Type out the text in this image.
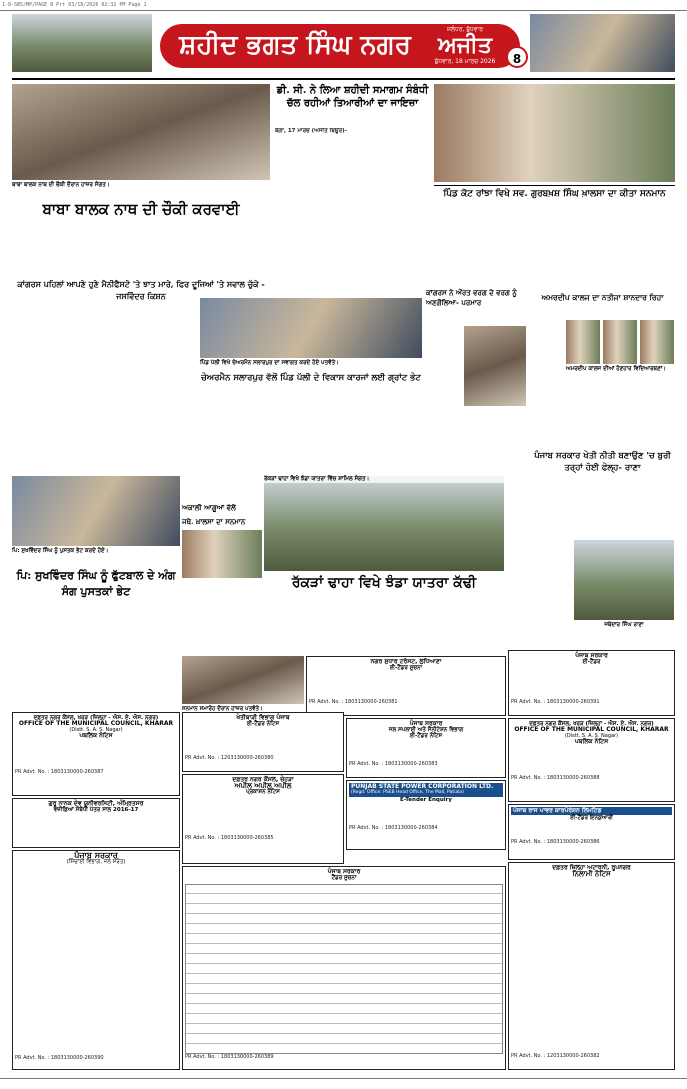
1-8-SBS/MP/PAGE 8 Prt 03/18/2026 02:32 PM Page 1
ਸ਼ਹੀਦ ਭਗਤ ਸਿੰਘ ਨਗਰ
ਜਲੰਧਰ, ਬੁੱਧਵਾਰ
ਅਜੀਤ
ਬੁੱਧਵਾਰ, 18 ਮਾਰਚ 2026	8
ਬਾਬਾ ਬਾਲਕ ਨਾਥ ਦੀ ਚੌਕੀ ਦੌਰਾਨ ਹਾਜ਼ਰ ਸੰਗਤ।
ਡੀ. ਸੀ. ਨੇ ਲਿਆ ਸ਼ਹੀਦੀ ਸਮਾਗਮ ਸੰਬੰਧੀ ਚੱਲ ਰਹੀਆਂ ਤਿਆਰੀਆਂ ਦਾ ਜਾਇਜ਼ਾ
ਬੰਗਾ, 17 ਮਾਰਚ (ਅਜੀਤ ਬਿਊਰੋ)-
ਬਾਬਾ ਬਾਲਕ ਨਾਥ ਦੀ ਚੌਕੀ ਕਰਵਾਈ
ਪਿੰਡ ਕੋਟ ਰਾਂਝਾ ਵਿਖੇ ਸਵ. ਗੁਰਬਖ਼ਸ਼ ਸਿੰਘ ਖ਼ਾਲਸਾ ਦਾ ਕੀਤਾ ਸਨਮਾਨ
ਕਾਂਗਰਸ ਪਹਿਲਾਂ ਆਪਣੇ ਹੁਣੇ ਮੈਨੀਫੈਸਟੋ 'ਤੇ ਝਾਤ ਮਾਰੇ, ਫਿਰ ਦੂਜਿਆਂ 'ਤੇ ਸਵਾਲ ਚੁੱਕੇ - ਜਸਵਿੰਦਰ ਕਿਸ਼ਨ
ਪਿੰਡ ਪੱਲੀ ਵਿਖੇ ਚੇਅਰਮੈਨ ਸਲਾਰਪੁਰ ਦਾ ਸਵਾਗਤ ਕਰਦੇ ਹੋਏ ਪਤਵੰਤੇ।
ਕਾਂਗਰਸ ਨੇ ਔਰਤ ਵਰਗ ਦੇ ਵਰਗ ਨੂੰ ਅਣਗੌਲਿਆ- ਪਰਮਾਰ
ਅਮਰਦੀਪ ਕਾਲਜ ਦਾ ਨਤੀਜਾ ਸ਼ਾਨਦਾਰ ਰਿਹਾ
ਅਮਰਦੀਪ ਕਾਲਜ ਦੀਆਂ ਹੋਣਹਾਰ ਵਿਦਿਆਰਥਣਾਂ।
ਚੇਅਰਮੈਨ ਸਲਾਰਪੁਰ ਵੱਲੋਂ ਪਿੰਡ ਪੱਲੀ ਦੇ ਵਿਕਾਸ ਕਾਰਜਾਂ ਲਈ ਗ੍ਰਾਂਟ ਭੇਟ
ਪੰਜਾਬ ਸਰਕਾਰ ਖੇਤੀ ਨੀਤੀ ਬਣਾਉਣ 'ਚ ਬੁਰੀ ਤਰ੍ਹਾਂ ਹੋਈ ਫੇਲ੍ਹ- ਰਾਣਾ
ਜਥੇਦਾਰ ਸਿੰਘ ਰਾਣਾ
ਪਿ: ਸੁਖਵਿੰਦਰ ਸਿੰਘ ਨੂੰ ਪੁਸਤਕ ਭੇਟ ਕਰਦੇ ਹੋਏ।
ਪਿ: ਸੁਖਵਿੰਦਰ ਸਿੰਘ ਨੂੰ ਫੁੱਟਬਾਲ ਦੇ ਅੰਗ ਸੰਗ ਪੁਸਤਕਾਂ ਭੇਟ
ਅਕਾਲੀ ਆਗੂਆਂ ਵੱਲੋਂ
ਜਥੇ. ਖ਼ਾਲਸਾ ਦਾ ਸਨਮਾਨ
ਰੱਕੜਾਂ ਢਾਹਾ ਵਿਖੇ ਝੰਡਾ ਯਾਤਰਾ ਕੱਢੀ
ਰੱਕੜਾਂ ਢਾਹਾ ਵਿਖੇ ਝੰਡਾ ਯਾਤਰਾ ਵਿੱਚ ਸ਼ਾਮਿਲ ਸੰਗਤ।
ਸਨਮਾਨ ਸਮਾਰੋਹ ਦੌਰਾਨ ਹਾਜ਼ਰ ਪਤਵੰਤੇ।
ਨਗਰ ਸੁਧਾਰ ਟਰੱਸਟ, ਲੁਧਿਆਣਾ
ਈ-ਟੈਂਡਰ ਸੂਚਨਾ
PR Advt. No. : 1803130000-260381
ਪੰਜਾਬ ਸਰਕਾਰ
ਈ-ਟੈਂਡਰ
PR Advt. No. : 1803130000-260391
ਦਫ਼ਤਰ ਨਗਰ ਕੌਂਸਲ, ਖਰੜ (ਜ਼ਿਲ੍ਹਾ - ਐਸ. ਏ. ਐਸ. ਨਗਰ)
OFFICE OF THE MUNICIPAL COUNCIL, KHARAR
(Distt. S. A. S. Nagar)
ਪਬਲਿਕ ਨੋਟਿਸ
PR Advt. No. : 1803130000-260387
ਖੇਤੀਬਾੜੀ ਵਿਭਾਗ ਪੰਜਾਬ
ਈ-ਟੈਂਡਰ ਨੋਟਿਸ
PR Advt. No. : 1203130000-260380
ਪੰਜਾਬ ਸਰਕਾਰ
ਜਲ ਸਪਲਾਈ ਅਤੇ ਸੈਨੀਟੇਸ਼ਨ ਵਿਭਾਗ
ਈ-ਟੈਂਡਰ ਨੋਟਿਸ
PR Advt. No. : 1803130000-260383
ਦਫ਼ਤਰ ਨਗਰ ਕੌਂਸਲ, ਖਰੜ (ਜ਼ਿਲ੍ਹਾ - ਐਸ. ਏ. ਐਸ. ਨਗਰ)
OFFICE OF THE MUNICIPAL COUNCIL, KHARAR
(Distt. S. A. S. Nagar)
ਪਬਲਿਕ ਨੋਟਿਸ
PR Advt. No. : 1803130000-260388
ਗੁਰੂ ਨਾਨਕ ਦੇਵ ਯੂਨੀਵਰਸਿਟੀ, ਅੰਮ੍ਰਿਤਸਰ
ਵਜ਼ੀਫ਼ਿਆਂ ਸੰਬੰਧੀ ਪੱਤਰ ਸਾਲ 2016-17
ਦਫ਼ਤਰ ਨਗਰ ਕੌਂਸਲ, ਚੇਹੜਾ
ਅਪੀਲ ਅਪੀਲ ਅਪੀਲ
ਪ੍ਰਕਾਸ਼ਨ ਨੋਟਿਸ
PR Advt. No. : 1803130000-260385
PUNJAB STATE POWER CORPORATION LTD.
(Regd. Office: PSEB Head Office, The Mall, Patiala)
E-Tender Enquiry
PR Advt. No. : 1803130000-260384
ਪੰਜਾਬ ਰਾਜ ਪਾਵਰ ਕਾਰਪੋਰੇਸ਼ਨ ਲਿਮਟਿਡ
ਈ-ਟੈਂਡਰ ਇਨਕੁਆਰੀ
PR Advt. No. : 1803130000-260386
ਪੰਜਾਬ ਸਰਕਾਰ
(ਸਿੰਚਾਈ ਵਿਭਾਗ, ਜਲ ਸਰੋਤ)
PR Advt. No. : 1803130000-260390
ਪੰਜਾਬ ਸਰਕਾਰ
ਟੈਂਡਰ ਸੂਚਨਾ
PR Advt. No. : 1803130000-260389
ਦਫ਼ਤਰ ਜ਼ਿਲ੍ਹਾ ਅਟਾਰਨੀ, ਰੂਪਨਗਰ
ਨਿਲਾਮੀ ਨੋਟਿਸ
PR Advt. No. : 1203130000-260382
